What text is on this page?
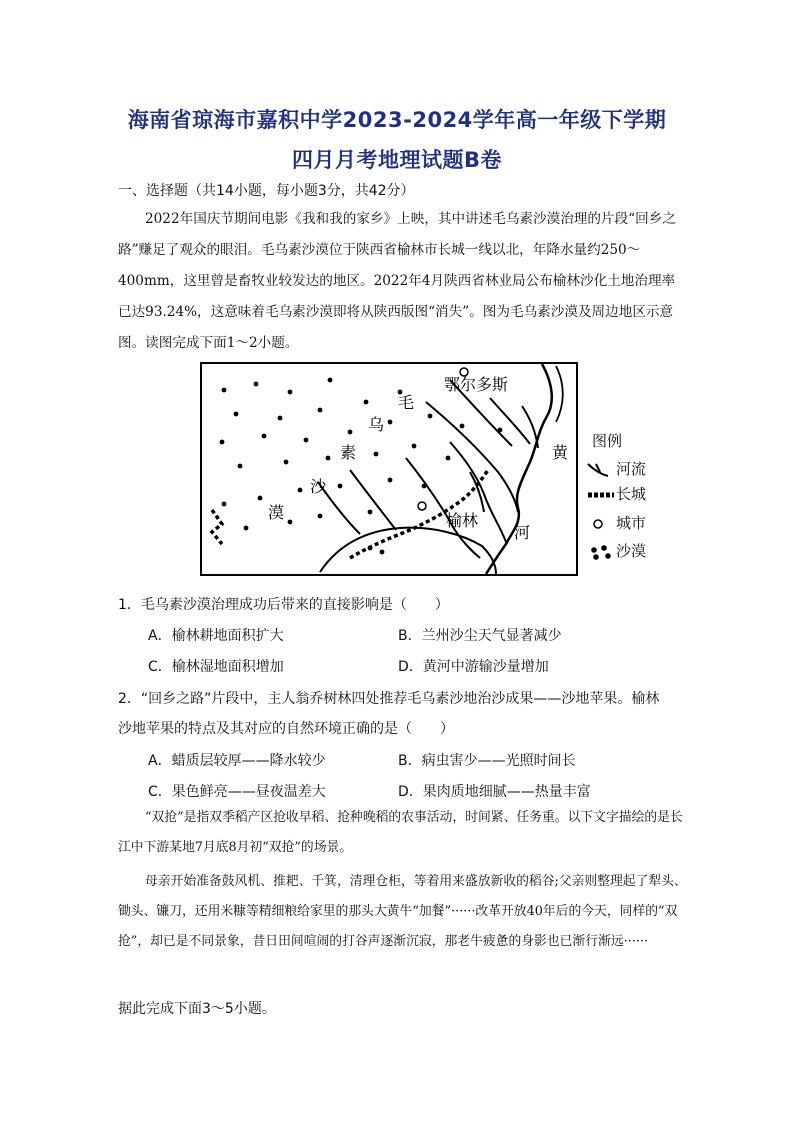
海南省琼海市嘉积中学2023-2024学年高一年级下学期
四月月考地理试题B卷
一、选择题（共14小题，每小题3分，共42分）

2022年国庆节期间电影《我和我的家乡》上映，其中讲述毛乌素沙漠治理的片段“回乡之路”赚足了观众的眼泪。毛乌素沙漠位于陕西省榆林市长城一线以北，年降水量约250～400mm，这里曾是畜牧业较发达的地区。2022年4月陕西省林业局公布榆林沙化土地治理率已达93.24%，这意味着毛乌素沙漠即将从陕西版图“消失”。图为毛乌素沙漠及周边地区示意图。读图完成下面1～2小题。

鄂尔多斯
毛
乌
素
沙
漠	榆林
黄
河
图例
河流
长城
城市
沙漠
1．毛乌素沙漠治理成功后带来的直接影响是（　　）
A．榆林耕地面积扩大	B．兰州沙尘天气显著减少
C．榆林湿地面积增加	D．黄河中游输沙量增加
2．“回乡之路”片段中，主人翁乔树林四处推荐毛乌素沙地治沙成果——沙地苹果。榆林
沙地苹果的特点及其对应的自然环境正确的是（　　）
A．蜡质层较厚——降水较少	B．病虫害少——光照时间长
C．果色鲜亮——昼夜温差大	D．果肉质地细腻——热量丰富

“双抢”是指双季稻产区抢收早稻、抢种晚稻的农事活动，时间紧、任务重。以下文字描绘的是长江中下游某地7月底8月初“双抢”的场景。

母亲开始准备鼓风机、推耙、千箕，清理仓柜，等着用来盛放新收的稻谷;父亲则整理起了犁头、锄头、镰刀，还用米糠等精细粮给家里的那头大黄牛“加餐”······改革开放40年后的今天，同样的“双抢”，却已是不同景象，昔日田间喧闹的打谷声逐渐沉寂，那老牛疲惫的身影也已渐行渐远······

据此完成下面3～5小题。
